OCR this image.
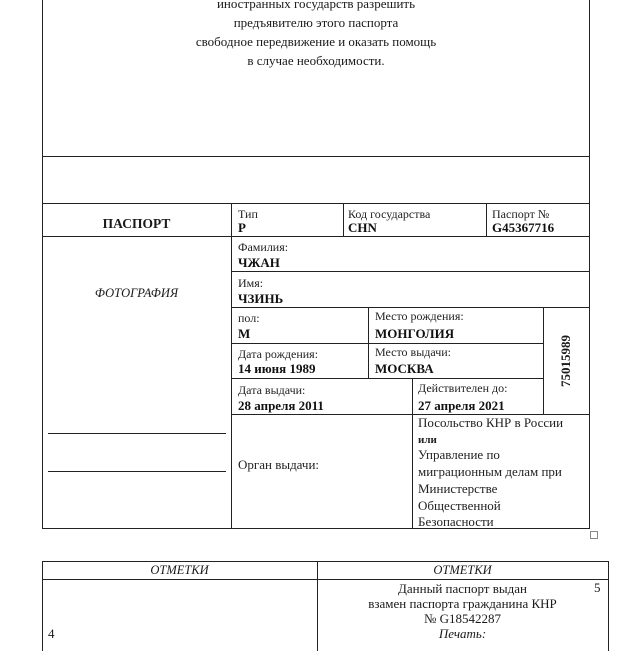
иностранных государств разрешить
предъявителю этого паспорта
свободное передвижение и оказать помощь
в случае необходимости.
ПАСПОРТ
Тип
P
Код государства
CHN
Паспорт №
G45367716
ФОТОГРАФИЯ
Фамилия:
ЧЖАН
Имя:
ЧЗИНЬ
пол:
М
Место рождения:
МОНГОЛИЯ
Дата рождения:
14 июня 1989
Место выдачи:
МОСКВА
Дата выдачи:
28 апреля 2011
Действителен до:
27 апреля 2021
75015989
Орган выдачи:
Посольство КНР в России
или
Управление по
миграционным делам при
Министерстве
Общественной
Безопасности
ОТМЕТКИ	ОТМЕТКИ
4
5
Данный паспорт выдан
взамен паспорта гражданина КНР
№ G18542287
Печать:
